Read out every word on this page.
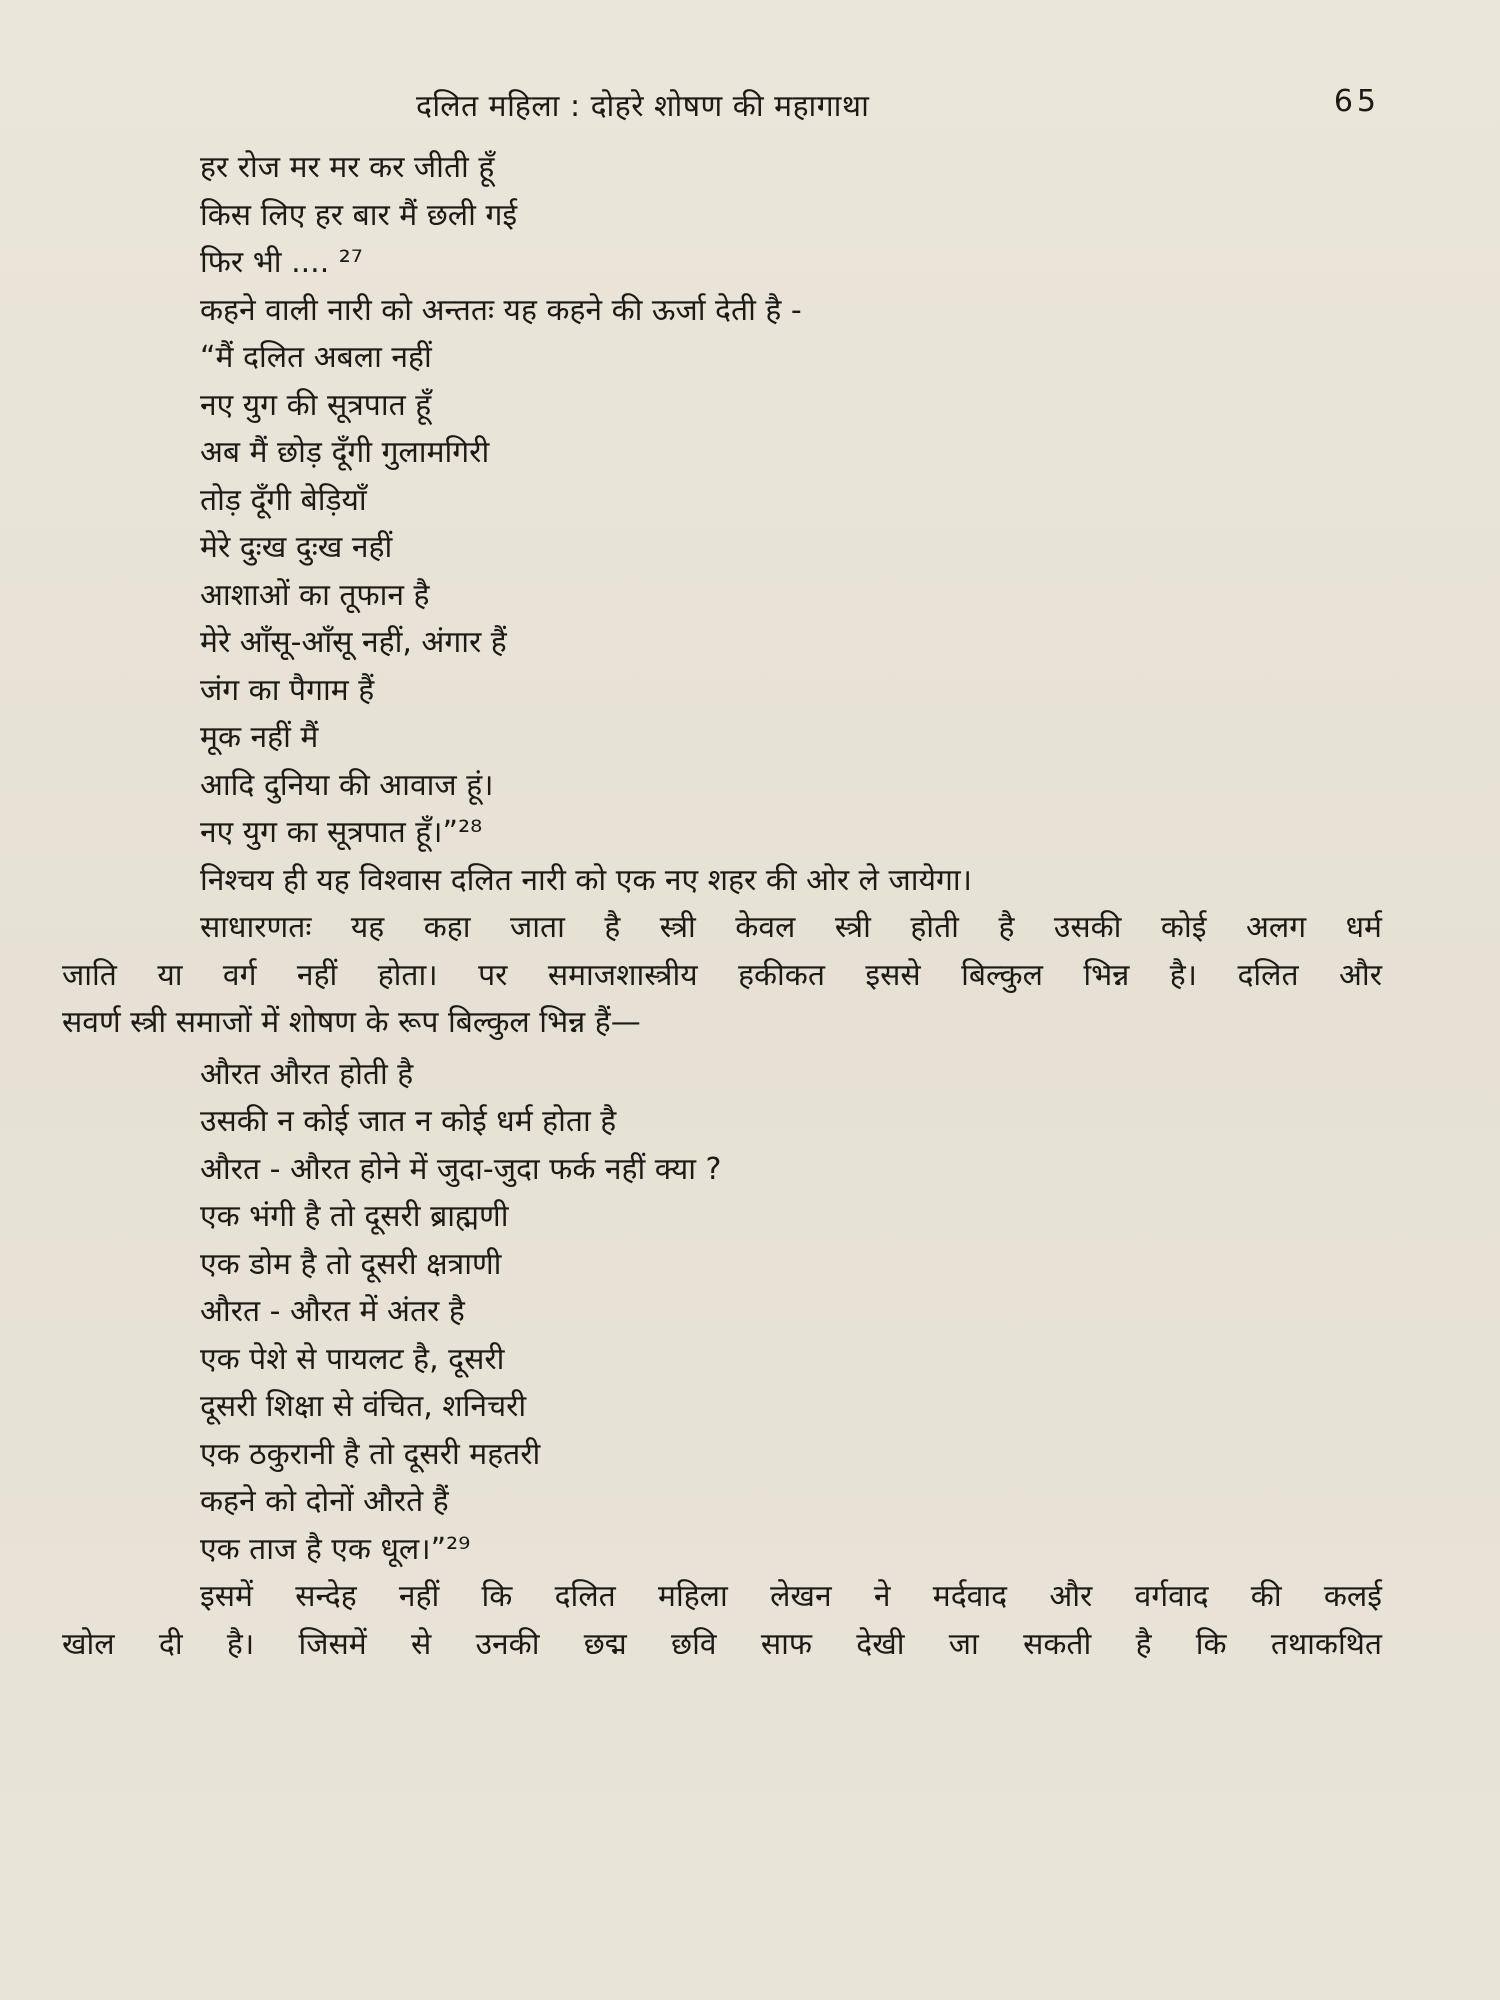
दलित महिला : दोहरे शोषण की महागाथा	65
हर रोज मर मर कर जीती हूँ
किस लिए हर बार मैं छली गई
फिर भी .... ²⁷
कहने वाली नारी को अन्ततः यह कहने की ऊर्जा देती है -
“मैं दलित अबला नहीं
नए युग की सूत्रपात हूँ
अब मैं छोड़ दूँगी गुलामगिरी
तोड़ दूँगी बेड़ियाँ
मेरे दुःख दुःख नहीं
आशाओं का तूफान है
मेरे आँसू-आँसू नहीं, अंगार हैं
जंग का पैगाम हैं
मूक नहीं मैं
आदि दुनिया की आवाज हूं।
नए युग का सूत्रपात हूँ।”²⁸
निश्चय ही यह विश्वास दलित नारी को एक नए शहर की ओर ले जायेगा।
साधारणतः यह कहा जाता है स्त्री केवल स्त्री होती है उसकी कोई अलग धर्म
जाति या वर्ग नहीं होता। पर समाजशास्त्रीय हकीकत इससे बिल्कुल भिन्न है। दलित और
सवर्ण स्त्री समाजों में शोषण के रूप बिल्कुल भिन्न हैं—
औरत औरत होती है
उसकी न कोई जात न कोई धर्म होता है
औरत - औरत होने में जुदा-जुदा फर्क नहीं क्या ?
एक भंगी है तो दूसरी ब्राह्मणी
एक डोम है तो दूसरी क्षत्राणी
औरत - औरत में अंतर है
एक पेशे से पायलट है, दूसरी
दूसरी शिक्षा से वंचित, शनिचरी
एक ठकुरानी है तो दूसरी महतरी
कहने को दोनों औरते हैं
एक ताज है एक धूल।”²⁹
इसमें सन्देह नहीं कि दलित महिला लेखन ने मर्दवाद और वर्गवाद की कलई
खोल दी है। जिसमें से उनकी छद्म छवि साफ देखी जा सकती है कि तथाकथित
